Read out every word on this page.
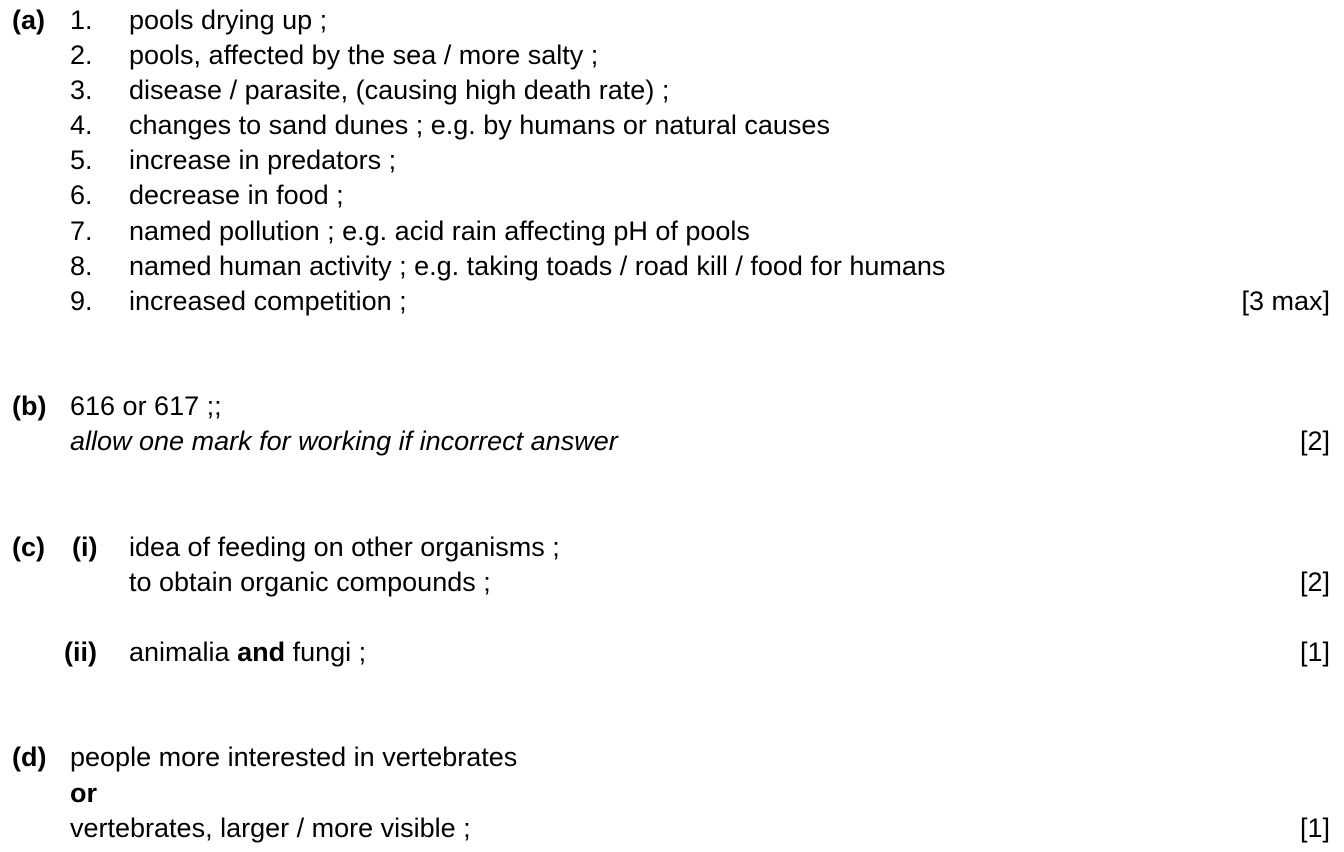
(a) 1. pools drying up ;
2. pools, affected by the sea / more salty ;
3. disease / parasite, (causing high death rate) ;
4. changes to sand dunes ; e.g. by humans or natural causes
5. increase in predators ;
6. decrease in food ;
7. named pollution ; e.g. acid rain affecting pH of pools
8. named human activity ; e.g. taking toads / road kill / food for humans
9. increased competition ;	[3 max]
(b) 616 or 617 ;;
allow one mark for working if incorrect answer	[2]
(c) (i) idea of feeding on other organisms ;
to obtain organic compounds ;	[2]
(ii) animalia and fungi ;	[1]
(d) people more interested in vertebrates
or
vertebrates, larger / more visible ;	[1]
